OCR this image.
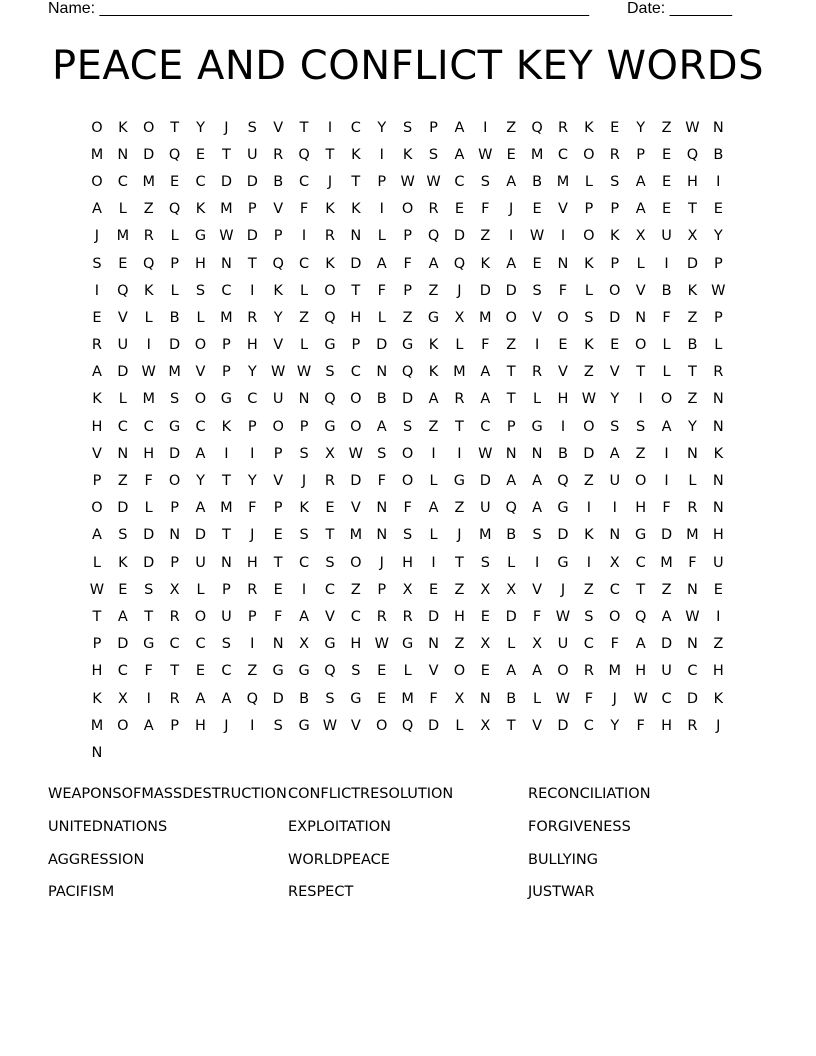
Name: _______________________________________________________ Date: _______
PEACE AND CONFLICT KEY WORDS
O	K	O	T	Y	J	S	V	T	I	C	Y	S	P	A	I	Z	Q	R	K	E	Y	Z W N
M N	D	Q	E	T	U	R	Q	T	K	I	K	S	A W E	M	C	O	R	P	E	Q	B
O	C	M	E	C	D	D	B	C	J	T	P W W C	S	A	B	M	L	S	A	E	H	I
A	L	Z	Q	K	M	P	V	F	K	K	I	O	R	E	F	J	E	V	P	P	A	E	T	E
J	M	R	L	G W D	P	I	R	N	L	P	Q	D	Z	I	W	I	O	K	X	U	X	Y
S	E	Q	P	H	N	T	Q	C	K	D	A	F	A	Q	K	A	E	N	K	P	L	I	D	P
I	Q	K	L	S	C	I	K	L	O	T	F	P	Z	J	D	D	S	F	L	O	V	B	K W
E	V	L	B	L	M	R	Y	Z	Q	H	L	Z	G	X	M O	V	O	S	D	N	F	Z	P
R	U	I	D	O	P	H	V	L	G	P	D	G	K	L	F	Z	I	E	K	E	O	L	B	L
A	D W M	V	P	Y W W S	C	N	Q	K	M	A	T	R	V	Z	V	T	L	T	R
K	L	M	S	O	G	C	U	N	Q O	B	D	A	R	A	T	L	H W Y	I	O	Z	N
H	C	C	G	C	K	P	O	P	G	O	A	S	Z	T	C	P	G	I	O	S	S	A	Y	N
V	N	H	D	A	I	I	P	S	X W S	O	I	I	W N	N	B	D	A	Z	I	N	K
P	Z	F	O	Y	T	Y	V	J	R	D	F	O	L	G	D	A	A	Q	Z	U	O	I	L	N
O	D	L	P	A	M	F	P	K	E	V	N	F	A	Z	U	Q	A	G	I	I	H	F	R	N
A	S	D	N	D	T	J	E	S	T	M N	S	L	J	M	B	S	D	K	N	G	D M H
L	K	D	P	U	N	H	T	C	S	O	J	H	I	T	S	L	I	G	I	X	C	M	F	U
W E	S	X	L	P	R	E	I	C	Z	P	X	E	Z	X	X	V	J	Z	C	T	Z	N	E
T	A	T	R	O	U	P	F	A	V	C	R	R	D	H	E	D	F	W S	O Q	A W	I
P	D	G	C	C	S	I	N	X	G	H W G	N	Z	X	L	X	U	C	F	A	D	N	Z
H	C	F	T	E	C	Z	G	G	Q	S	E	L	V	O	E	A	A	O	R	M H	U	C	H
K	X	I	R	A	A	Q	D	B	S	G	E	M	F	X	N	B	L	W	F	J	W C	D	K
M O	A	P	H	J	I	S	G W V	O Q	D	L	X	T	V	D	C	Y	F	H	R	J
N
WEAPONSOFMASSDESTRUCTION CONFLICTRESOLUTION	RECONCILIATION
UNITEDNATIONS	EXPLOITATION	FORGIVENESS
AGGRESSION	WORLDPEACE	BULLYING
PACIFISM	RESPECT	JUSTWAR
